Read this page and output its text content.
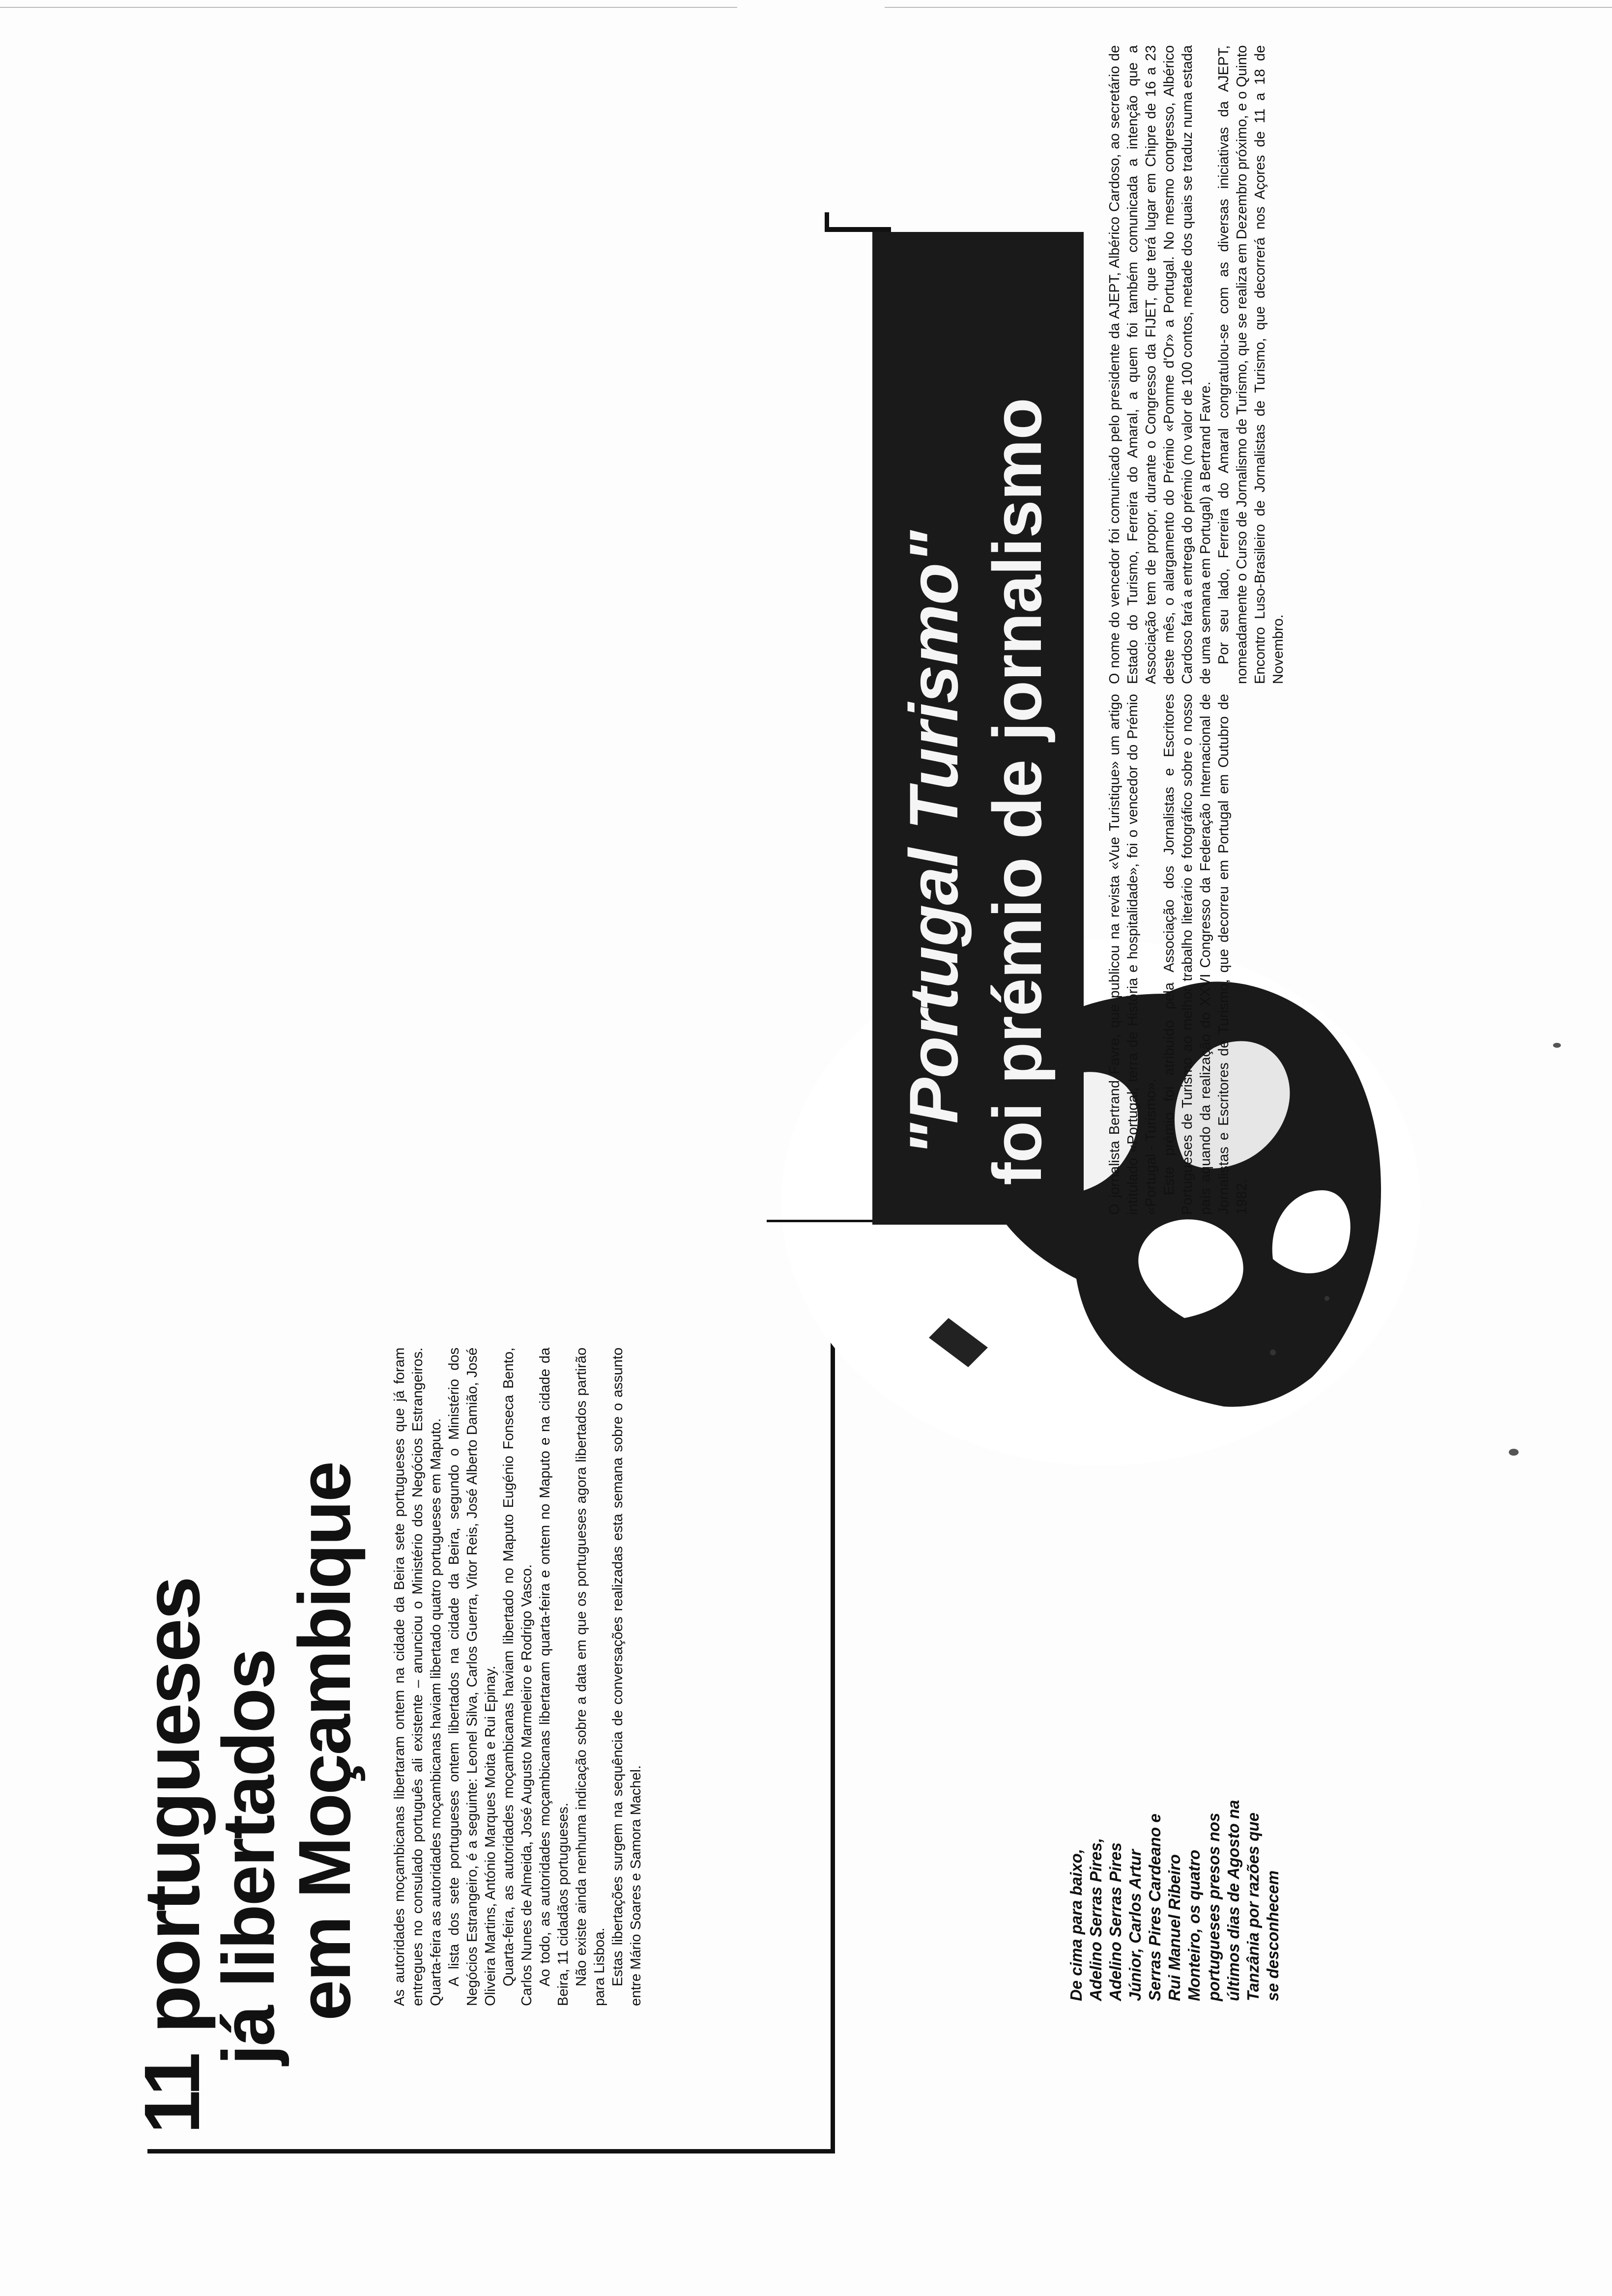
11 portugueses
já libertados
em Moçambique As autoridades moçambicanas libertaram ontem na cidade da Beira sete portugueses que já foram entregues no consulado português ali existente – anunciou o Ministério dos Negócios Estrangeiros. Quarta-feira as autoridades moçambicanas haviam libertado quatro portugueses em Maputo. A lista dos sete portugueses ontem libertados na cidade da Beira, segundo o Ministério dos Negócios Estrangeiro, é a seguinte: Leonel Silva, Carlos Guerra, Vitor Reis, José Alberto Damião, José Oliveira Martins, António Marques Moita e Rui Epinay. Quarta-feira, as autoridades moçambicanas haviam libertado no Maputo Eugénio Fonseca Bento, Carlos Nunes de Almeida, José Augusto Marmeleiro e Rodrigo Vasco. Ao todo, as autoridades moçambicanas libertaram quarta-feira e ontem no Maputo e na cidade da Beira, 11 cidadãos portugueses. Não existe ainda nenhuma indicação sobre a data em que os portugueses agora libertados partirão para Lisboa. Estas libertações surgem na sequência de conversações realizadas esta semana sobre o assunto entre Mário Soares e Samora Machel.	De cima para baixo, Adelino Serras Pires, Adelino Serras Pires Júnior, Carlos Artur Serras Pires Cardeano e Rui Manuel Ribeiro Monteiro, os quatro portugueses presos nos últimos dias de Agosto na Tanzânia por razões que se desconhecem

"Portugal Turismo" foi prémio de jornalismo	O jornalista Bertrand Favre, que publicou na revista «Vue Turistique» um artigo intitulado «Portugal, terra de História e hospitalidade», foi o vencedor do Prémio «Portugal - Turismo». Este prémio foi atribuído pela Associação dos Jornalistas e Escritores Portugueses de Turismo ao melhor trabalho literário e fotográfico sobre o nosso país aquando da realização do XXVI Congresso da Federação Internacional de Jornalistas e Escritores de Turismo, que decorreu em Portugal em Outubro de 1982.

O nome do vencedor foi comunicado pelo presidente da AJEPT, Albérico Cardoso, ao secretário de Estado do Turismo, Ferreira do Amaral, a quem foi também comunicada a intenção que a Associação tem de propor, durante o Congresso da FIJET, que terá lugar em Chipre de 16 a 23 deste mês, o alargamento do Prémio «Pomme d'Or» a Portugal. No mesmo congresso, Albérico Cardoso fará a entrega do prémio (no valor de 100 contos, metade dos quais se traduz numa estada de uma semana em Portugal) a Bertrand Favre. Por seu lado, Ferreira do Amaral congratulou-se com as diversas iniciativas da AJEPT, nomeadamente o Curso de Jornalismo de Turismo, que se realiza em Dezembro próximo, e o Quinto Encontro Luso-Brasileiro de Jornalistas de Turismo, que decorrerá nos Açores de 11 a 18 de Novembro.
